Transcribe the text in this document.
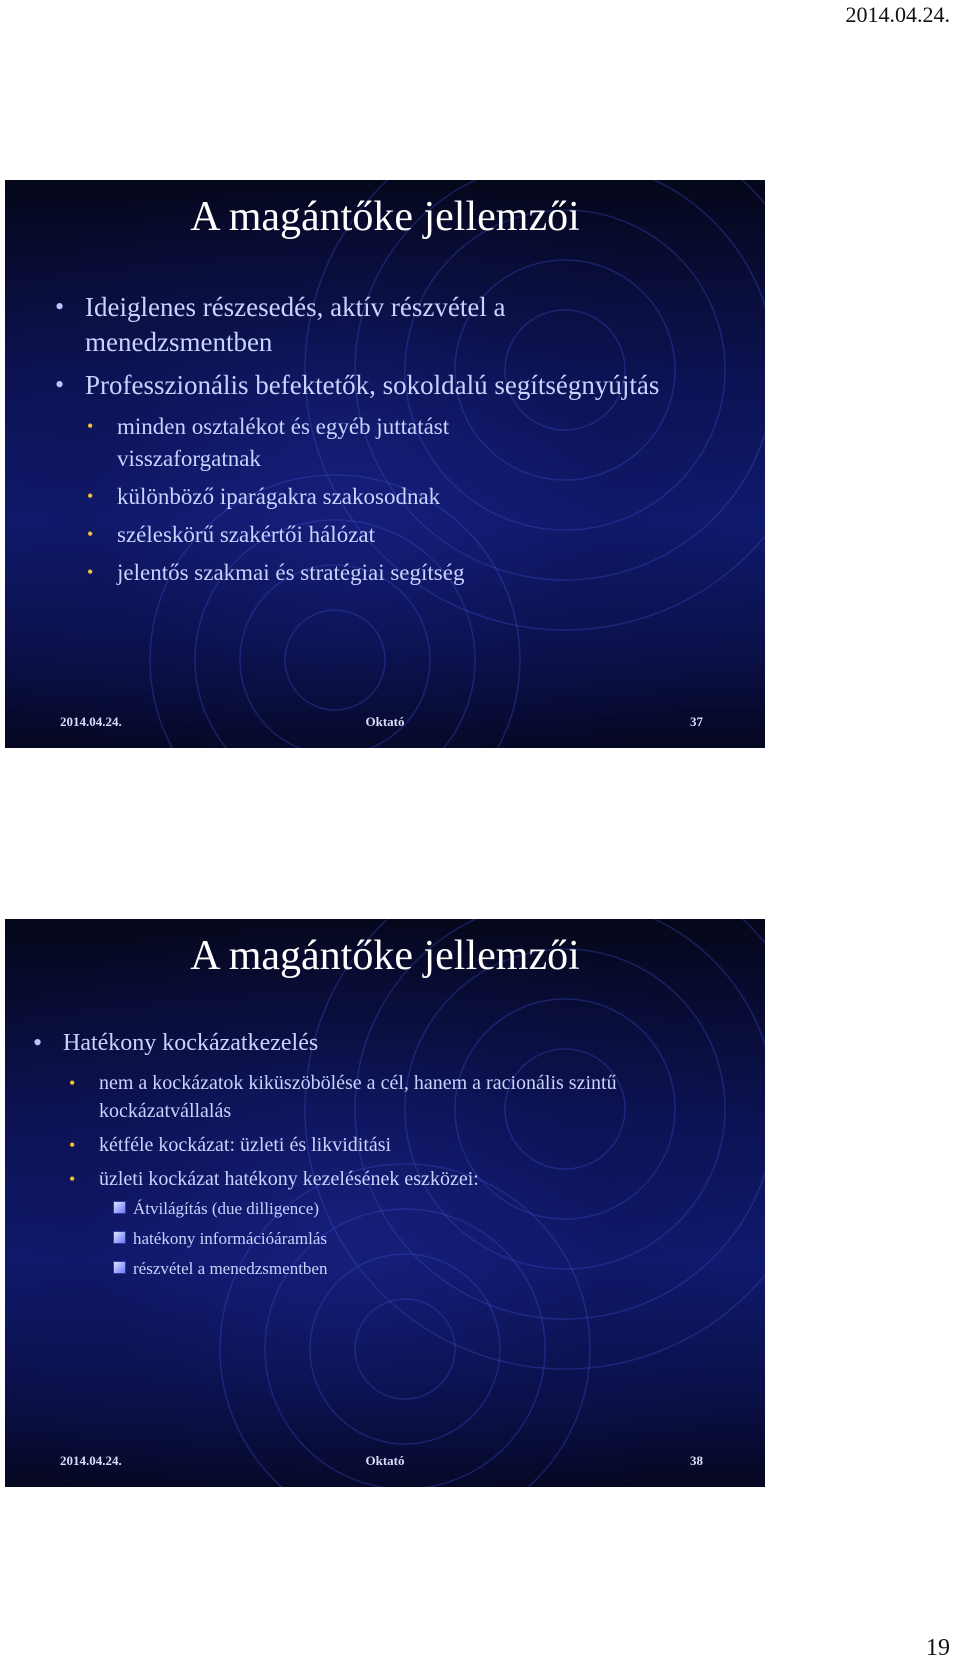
2014.04.24.
A magántőke jellemzői
• Ideiglenes részesedés, aktív részvétel a menedzsmentben
• Professzionális befektetők, sokoldalú segítségnyújtás
• minden osztalékot és egyéb juttatást visszaforgatnak
• különböző iparágakra szakosodnak
• széleskörű szakértői hálózat
• jelentős szakmai és stratégiai segítség
2014.04.24.	Oktató	37
A magántőke jellemzői
• Hatékony kockázatkezelés
• nem a kockázatok kiküszöbölése a cél, hanem a racionális szintű kockázatvállalás
• kétféle kockázat: üzleti és likviditási
• üzleti kockázat hatékony kezelésének eszközei:
Átvilágítás (due dilligence)
hatékony információáramlás
részvétel a menedzsmentben
2014.04.24.	Oktató	38
19
